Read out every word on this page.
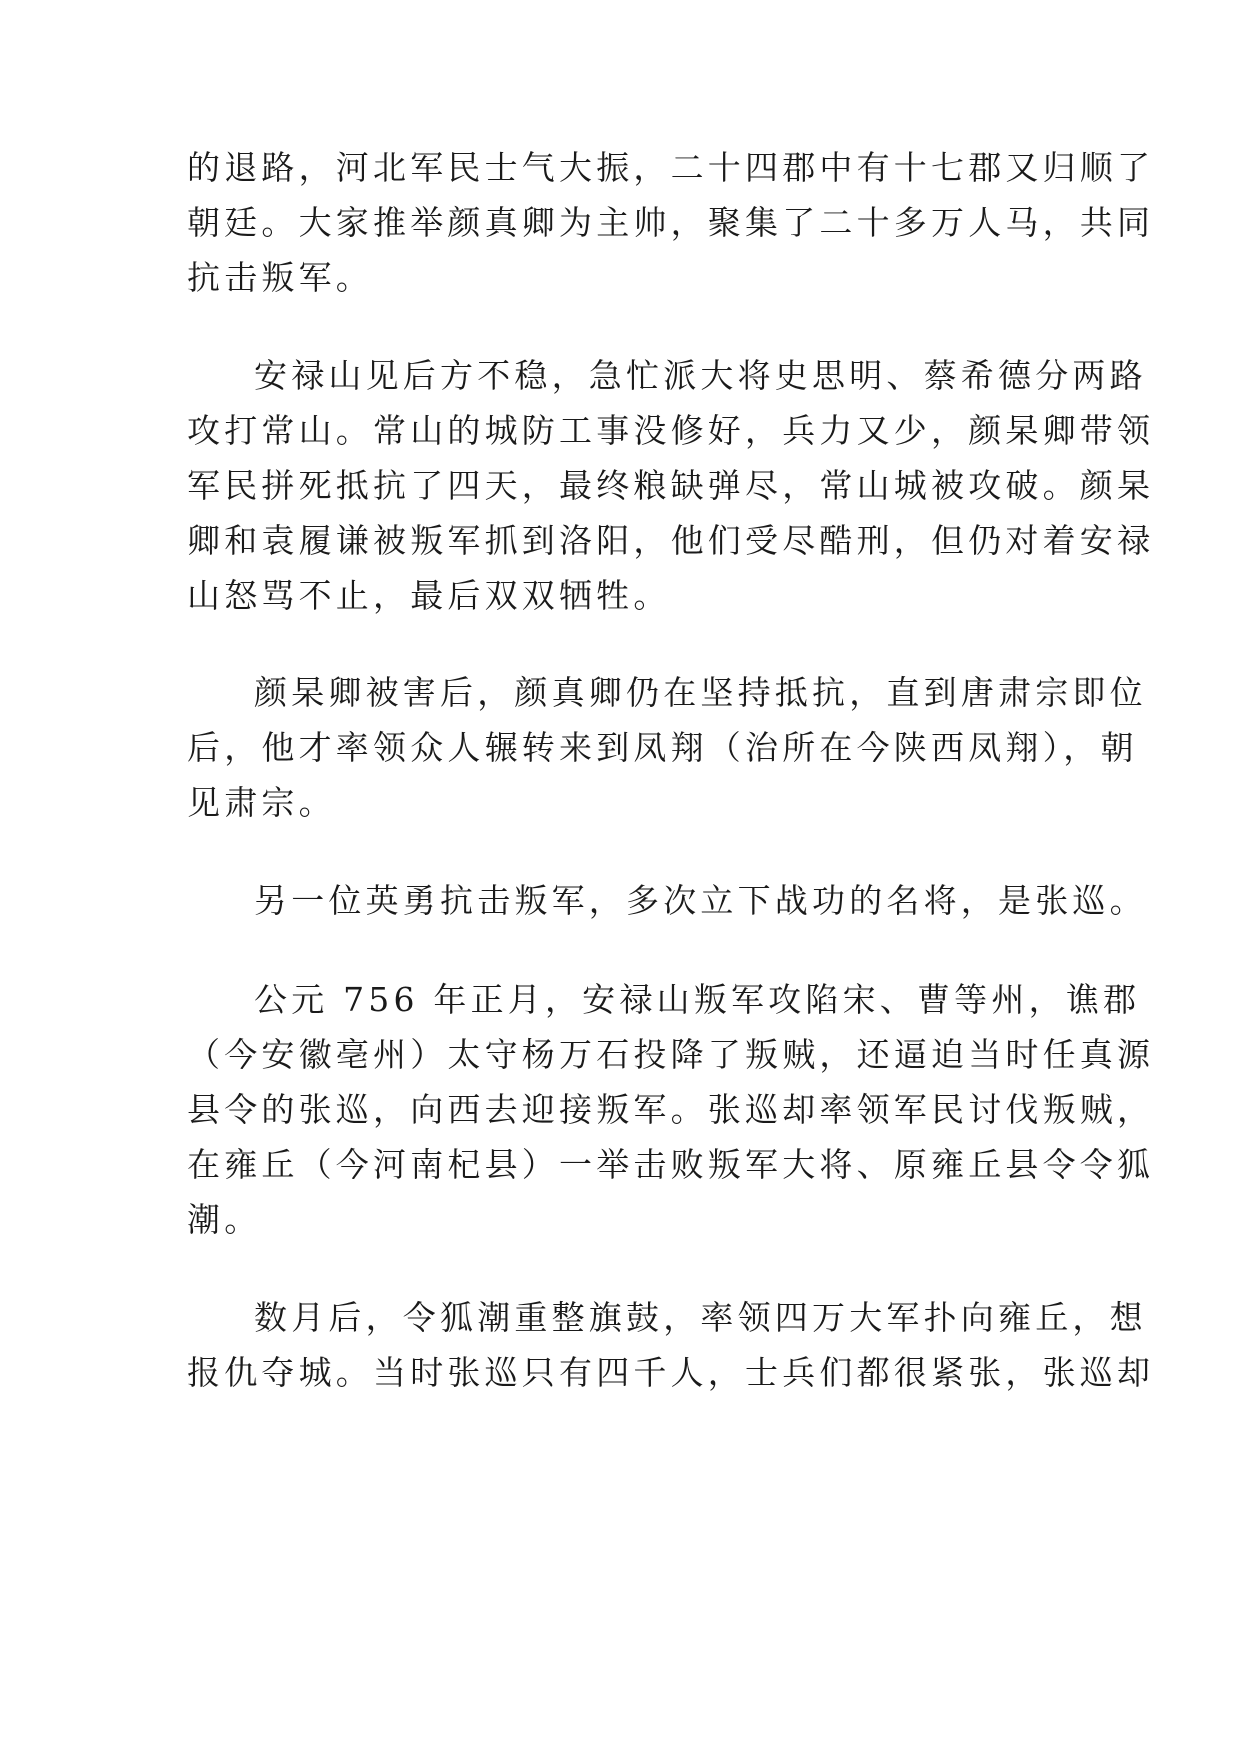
的退路，河北军民士气大振，二十四郡中有十七郡又归顺了

朝廷。大家推举颜真卿为主帅，聚集了二十多万人马，共同

抗击叛军。

安禄山见后方不稳，急忙派大将史思明、蔡希德分两路

攻打常山。常山的城防工事没修好，兵力又少，颜杲卿带领

军民拼死抵抗了四天，最终粮缺弹尽，常山城被攻破。颜杲

卿和袁履谦被叛军抓到洛阳，他们受尽酷刑，但仍对着安禄

山怒骂不止，最后双双牺牲。

颜杲卿被害后，颜真卿仍在坚持抵抗，直到唐肃宗即位

后，他才率领众人辗转来到凤翔（治所在今陕西凤翔），朝

见肃宗。

另一位英勇抗击叛军，多次立下战功的名将，是张巡。

公元 756 年正月，安禄山叛军攻陷宋、曹等州，谯郡

（今安徽亳州）太守杨万石投降了叛贼，还逼迫当时任真源

县令的张巡，向西去迎接叛军。张巡却率领军民讨伐叛贼，

在雍丘（今河南杞县）一举击败叛军大将、原雍丘县令令狐

潮。

数月后，令狐潮重整旗鼓，率领四万大军扑向雍丘，想

报仇夺城。当时张巡只有四千人，士兵们都很紧张，张巡却
